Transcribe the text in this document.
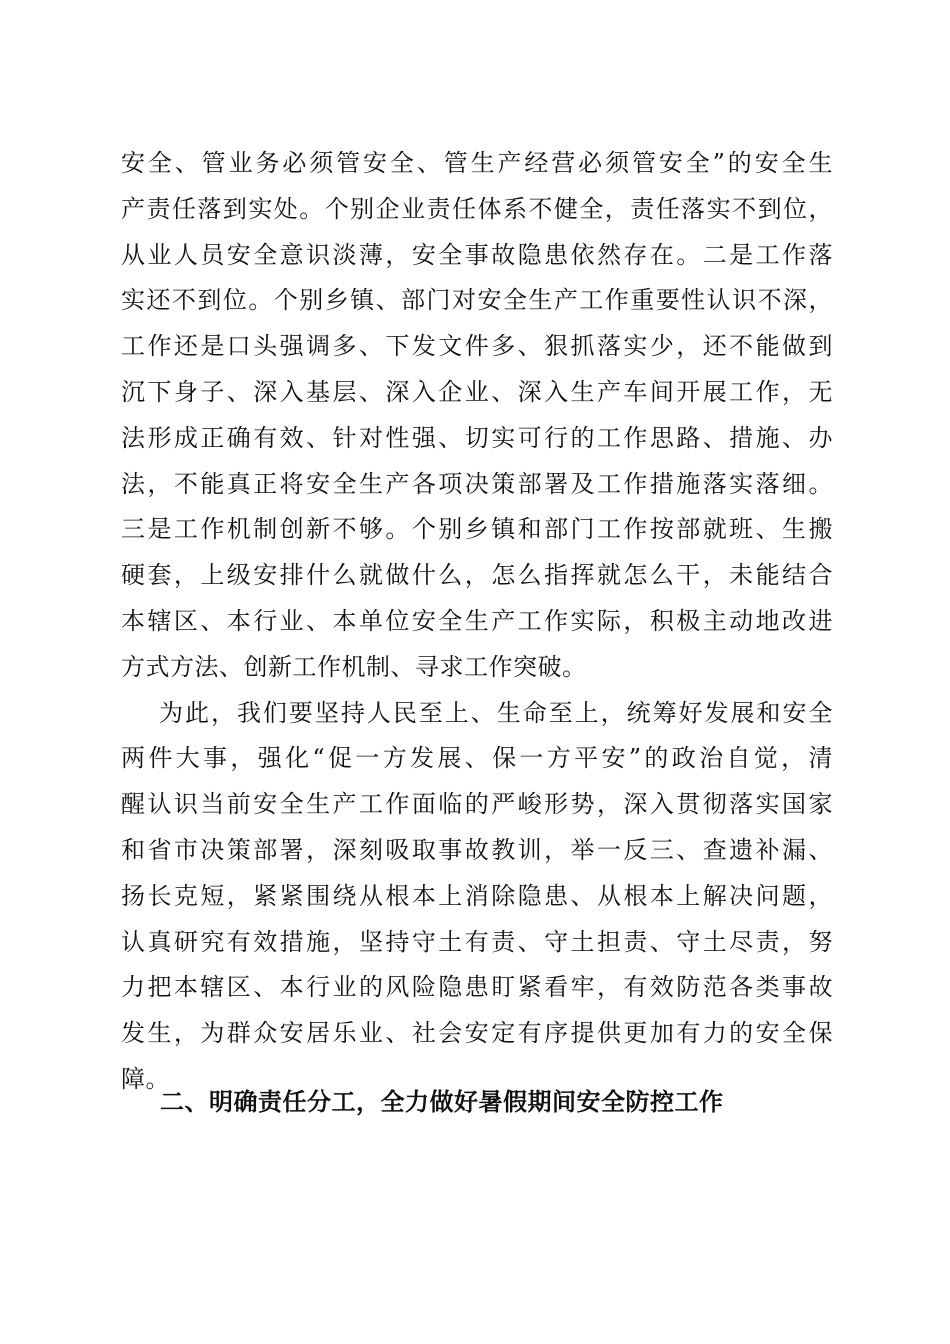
安全、管业务必须管安全、管生产经营必须管安全”的安全生
产责任落到实处。个别企业责任体系不健全，责任落实不到位，
从业人员安全意识淡薄，安全事故隐患依然存在。二是工作落
实还不到位。个别乡镇、部门对安全生产工作重要性认识不深，
工作还是口头强调多、下发文件多、狠抓落实少，还不能做到
沉下身子、深入基层、深入企业、深入生产车间开展工作，无
法形成正确有效、针对性强、切实可行的工作思路、措施、办
法，不能真正将安全生产各项决策部署及工作措施落实落细。
三是工作机制创新不够。个别乡镇和部门工作按部就班、生搬
硬套，上级安排什么就做什么，怎么指挥就怎么干，未能结合
本辖区、本行业、本单位安全生产工作实际，积极主动地改进
方式方法、创新工作机制、寻求工作突破。
为此，我们要坚持人民至上、生命至上，统筹好发展和安全
两件大事，强化“促一方发展、保一方平安”的政治自觉，清
醒认识当前安全生产工作面临的严峻形势，深入贯彻落实国家
和省市决策部署，深刻吸取事故教训，举一反三、查遗补漏、
扬长克短，紧紧围绕从根本上消除隐患、从根本上解决问题，
认真研究有效措施，坚持守土有责、守土担责、守土尽责，努
力把本辖区、本行业的风险隐患盯紧看牢，有效防范各类事故
发生，为群众安居乐业、社会安定有序提供更加有力的安全保
障。
二、明确责任分工，全力做好暑假期间安全防控工作
